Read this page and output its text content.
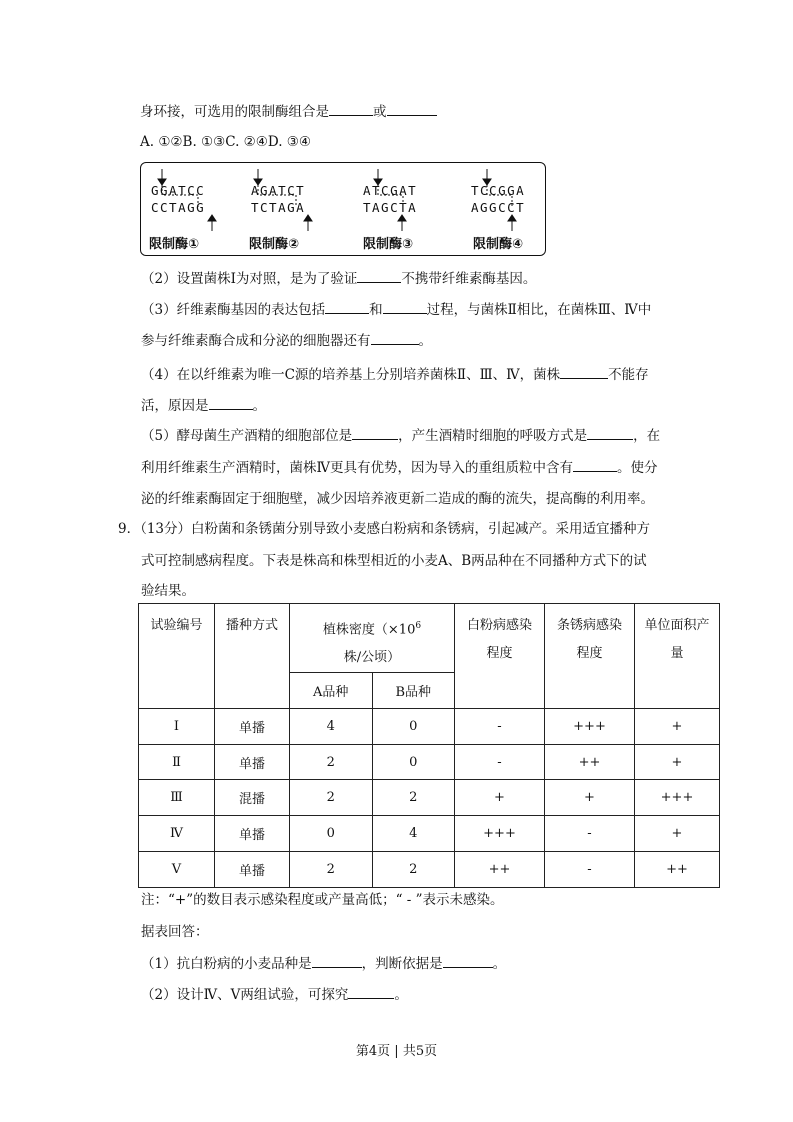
身环接，可选用的限制酶组合是	或
A. ①②B. ①③C. ②④D. ③④
GGATCC
CCTAGG
限制酶①
AGATCT
TCTAGA
限制酶②
ATCGAT
TAGCTA
限制酶③
TCCGGA
AGGCCT
限制酶④
（2）设置菌株Ⅰ为对照，是为了验证	不携带纤维素酶基因。
（3）纤维素酶基因的表达包括	和	过程，与菌株Ⅱ相比，在菌株Ⅲ、Ⅳ中
参与纤维素酶合成和分泌的细胞器还有	。
（4）在以纤维素为唯一C源的培养基上分别培养菌株Ⅱ、Ⅲ、Ⅳ，菌株	不能存
活，原因是	。
（5）酵母菌生产酒精的细胞部位是	，产生酒精时细胞的呼吸方式是	，在
利用纤维素生产酒精时，菌株Ⅳ更具有优势，因为导入的重组质粒中含有	。使分
泌的纤维素酶固定于细胞壁，减少因培养液更新二造成的酶的流失，提高酶的利用率。
9．（13分）白粉菌和条锈菌分别导致小麦感白粉病和条锈病，引起减产。采用适宜播种方
式可控制感病程度。下表是株高和株型相近的小麦A、B两品种在不同播种方式下的试
验结果。
试验编号	播种方式	植株密度（$\times 10^6$株/公顷）		白粉病感染程度	条锈病感染程度	单位面积产量
		A品种	B品种			
Ⅰ	单播	4	0	-	+++	+
Ⅱ	单播	2	0	-	++	+
Ⅲ	混播	2	2	+	+	+++
Ⅳ	单播	0	4	+++	-	+
Ⅴ	单播	2	2	++	-	++
注：“+”的数目表示感染程度或产量高低；“ - ”表示未感染。
据表回答：
（1）抗白粉病的小麦品种是	，判断依据是	。
（2）设计Ⅳ、Ⅴ两组试验，可探究	。
第4页 | 共5页
